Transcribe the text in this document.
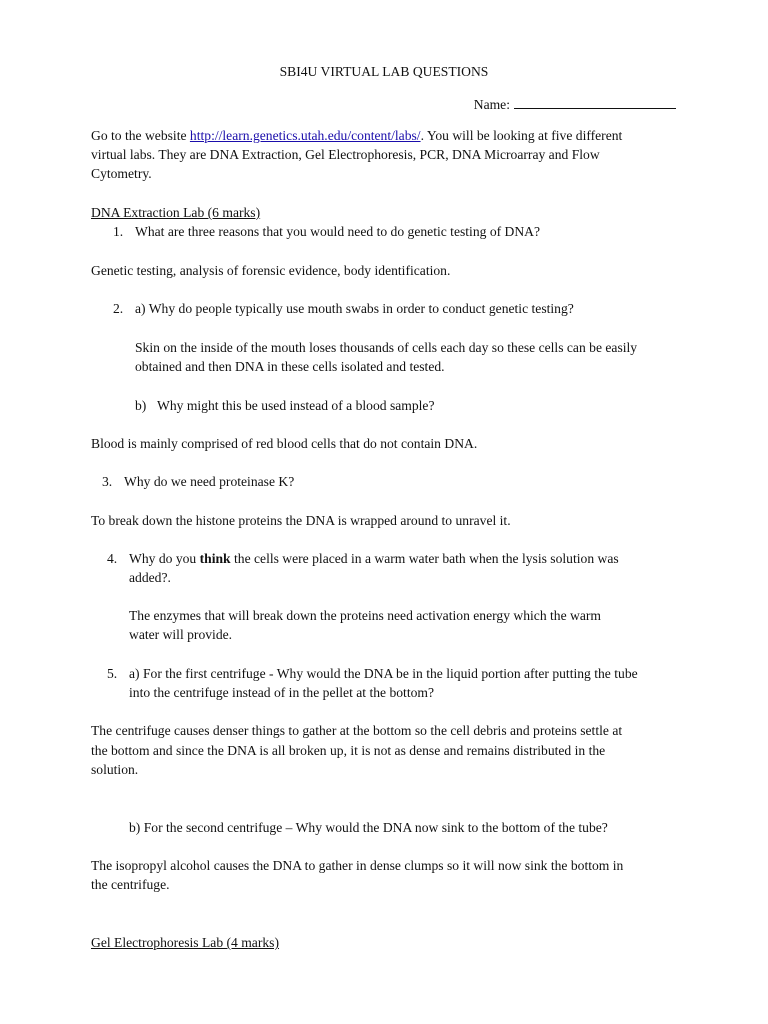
SBI4U VIRTUAL LAB QUESTIONS
Name:
Go to the website http://learn.genetics.utah.edu/content/labs/. You will be looking at five different
virtual labs. They are DNA Extraction, Gel Electrophoresis, PCR, DNA Microarray and Flow
Cytometry.
DNA Extraction Lab (6 marks)
1. What are three reasons that you would need to do genetic testing of DNA?
Genetic testing, analysis of forensic evidence, body identification.
2. a) Why do people typically use mouth swabs in order to conduct genetic testing?
Skin on the inside of the mouth loses thousands of cells each day so these cells can be easily
obtained and then DNA in these cells isolated and tested.
b) Why might this be used instead of a blood sample?
Blood is mainly comprised of red blood cells that do not contain DNA.
3. Why do we need proteinase K?
To break down the histone proteins the DNA is wrapped around to unravel it.
4. Why do you think the cells were placed in a warm water bath when the lysis solution was
added?.
The enzymes that will break down the proteins need activation energy which the warm
water will provide.
5. a) For the first centrifuge - Why would the DNA be in the liquid portion after putting the tube
into the centrifuge instead of in the pellet at the bottom?
The centrifuge causes denser things to gather at the bottom so the cell debris and proteins settle at
the bottom and since the DNA is all broken up, it is not as dense and remains distributed in the
solution.
b) For the second centrifuge – Why would the DNA now sink to the bottom of the tube?
The isopropyl alcohol causes the DNA to gather in dense clumps so it will now sink the bottom in
the centrifuge.
Gel Electrophoresis Lab (4 marks)
